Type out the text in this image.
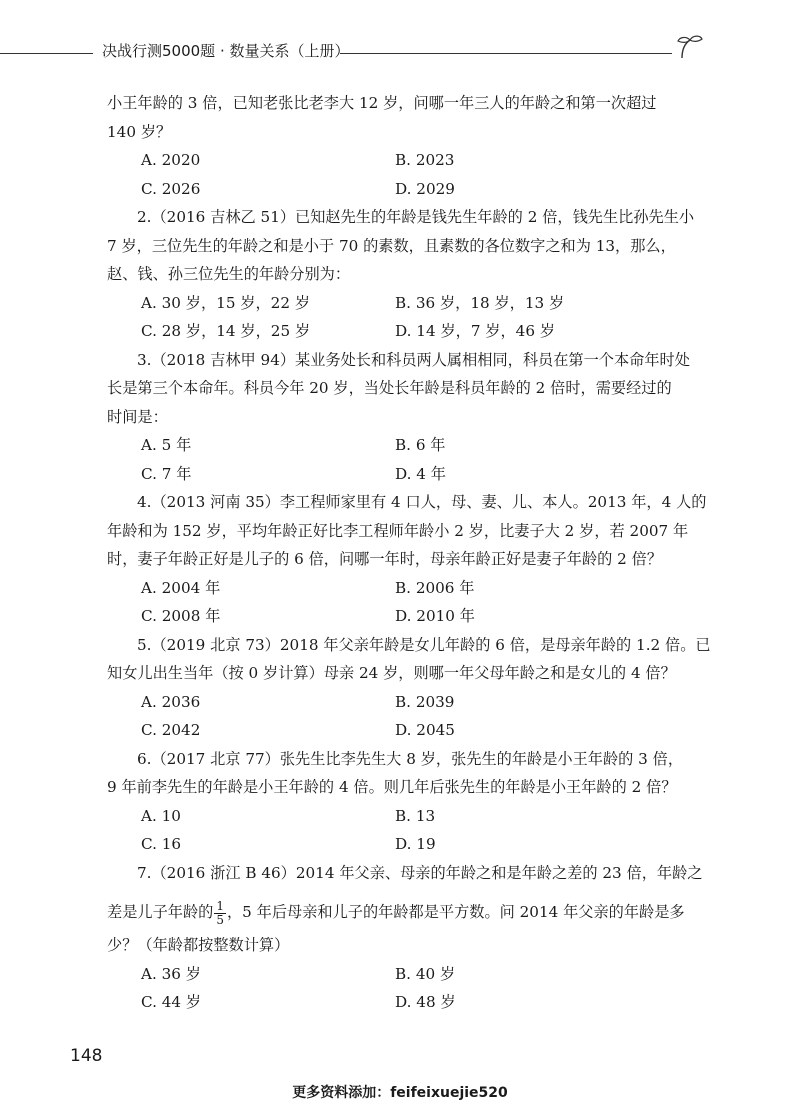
决战行测5000题 · 数量关系（上册）
小王年龄的 3 倍，已知老张比老李大 12 岁，问哪一年三人的年龄之和第一次超过
140 岁？
A. 2020	B. 2023
C. 2026	D. 2029
2.（2016 吉林乙 51）已知赵先生的年龄是钱先生年龄的 2 倍，钱先生比孙先生小
7 岁，三位先生的年龄之和是小于 70 的素数，且素数的各位数字之和为 13，那么，
赵、钱、孙三位先生的年龄分别为：
A. 30 岁，15 岁，22 岁	B. 36 岁，18 岁，13 岁
C. 28 岁，14 岁，25 岁	D. 14 岁，7 岁，46 岁
3.（2018 吉林甲 94）某业务处长和科员两人属相相同，科员在第一个本命年时处
长是第三个本命年。科员今年 20 岁，当处长年龄是科员年龄的 2 倍时，需要经过的
时间是：
A. 5 年	B. 6 年
C. 7 年	D. 4 年
4.（2013 河南 35）李工程师家里有 4 口人，母、妻、儿、本人。2013 年，4 人的
年龄和为 152 岁，平均年龄正好比李工程师年龄小 2 岁，比妻子大 2 岁，若 2007 年
时，妻子年龄正好是儿子的 6 倍，问哪一年时，母亲年龄正好是妻子年龄的 2 倍？
A. 2004 年	B. 2006 年
C. 2008 年	D. 2010 年
5.（2019 北京 73）2018 年父亲年龄是女儿年龄的 6 倍，是母亲年龄的 1.2 倍。已
知女儿出生当年（按 0 岁计算）母亲 24 岁，则哪一年父母年龄之和是女儿的 4 倍？
A. 2036	B. 2039
C. 2042	D. 2045
6.（2017 北京 77）张先生比李先生大 8 岁，张先生的年龄是小王年龄的 3 倍，
9 年前李先生的年龄是小王年龄的 4 倍。则几年后张先生的年龄是小王年龄的 2 倍？
A. 10	B. 13
C. 16	D. 19
7.（2016 浙江 B 46）2014 年父亲、母亲的年龄之和是年龄之差的 23 倍，年龄之
差是儿子年龄的 $\frac{1}{5}$ ，5 年后母亲和儿子的年龄都是平方数。问 2014 年父亲的年龄是多
少？（年龄都按整数计算）
A. 36 岁	B. 40 岁
C. 44 岁	D. 48 岁
148
更多资料添加：feifeixuejie520
